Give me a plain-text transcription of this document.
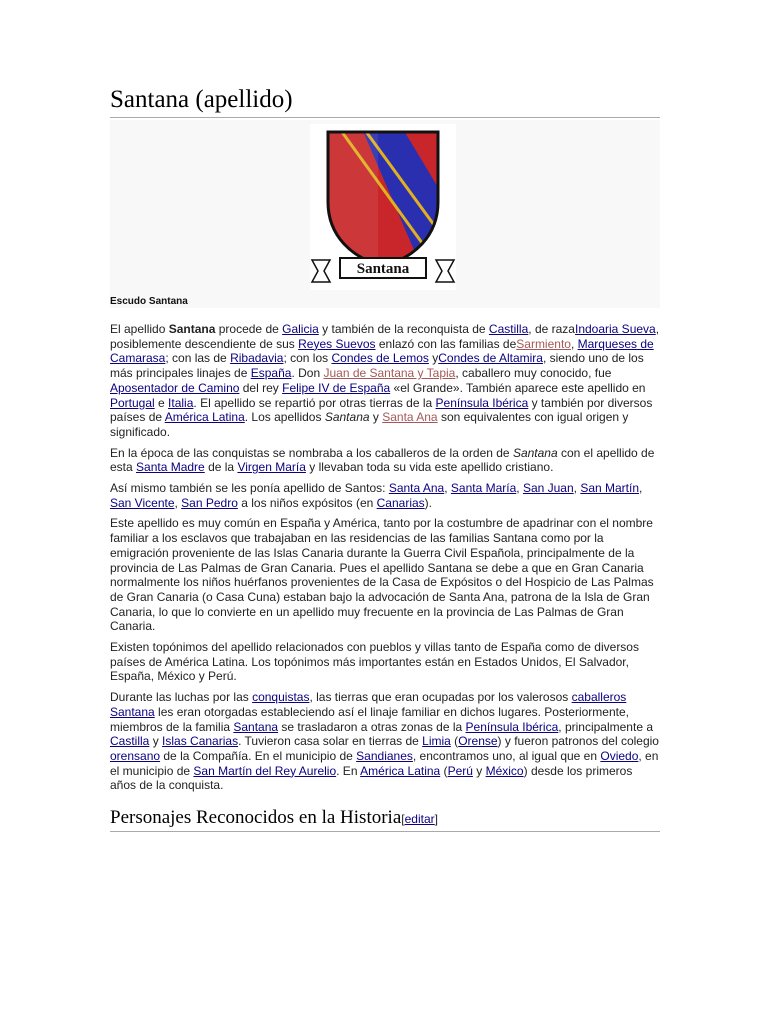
Santana (apellido)
Santana
Escudo Santana

El apellido Santana procede de Galicia y también de la reconquista de Castilla, de razaIndoaria Sueva, posiblemente descendiente de sus Reyes Suevos enlazó con las familias deSarmiento, Marqueses de Camarasa; con las de Ribadavia; con los Condes de Lemos yCondes de Altamira, siendo uno de los más principales linajes de España. Don Juan de Santana y Tapia, caballero muy conocido, fue Aposentador de Camino del rey Felipe IV de España «el Grande». También aparece este apellido en Portugal e Italia. El apellido se repartió por otras tierras de la Península Ibérica y también por diversos países de América Latina. Los apellidos Santana y Santa Ana son equivalentes con igual origen y significado.

En la época de las conquistas se nombraba a los caballeros de la orden de Santana con el apellido de esta Santa Madre de la Virgen María y llevaban toda su vida este apellido cristiano.

Así mismo también se les ponía apellido de Santos: Santa Ana, Santa María, San Juan, San Martín, San Vicente, San Pedro a los niños expósitos (en Canarias).

Este apellido es muy común en España y América, tanto por la costumbre de apadrinar con el nombre familiar a los esclavos que trabajaban en las residencias de las familias Santana como por la emigración proveniente de las Islas Canaria durante la Guerra Civil Española, principalmente de la provincia de Las Palmas de Gran Canaria. Pues el apellido Santana se debe a que en Gran Canaria normalmente los niños huérfanos provenientes de la Casa de Expósitos o del Hospicio de Las Palmas de Gran Canaria (o Casa Cuna) estaban bajo la advocación de Santa Ana, patrona de la Isla de Gran Canaria, lo que lo convierte en un apellido muy frecuente en la provincia de Las Palmas de Gran Canaria.

Existen topónimos del apellido relacionados con pueblos y villas tanto de España como de diversos países de América Latina. Los topónimos más importantes están en Estados Unidos, El Salvador, España, México y Perú.

Durante las luchas por las conquistas, las tierras que eran ocupadas por los valerosos caballeros Santana les eran otorgadas estableciendo así el linaje familiar en dichos lugares. Posteriormente, miembros de la familia Santana se trasladaron a otras zonas de la Península Ibérica, principalmente a Castilla y Islas Canarias. Tuvieron casa solar en tierras de Limia (Orense) y fueron patronos del colegio orensano de la Compañía. En el municipio de Sandianes, encontramos uno, al igual que en Oviedo, en el municipio de San Martín del Rey Aurelio. En América Latina (Perú y México) desde los primeros años de la conquista.

Personajes Reconocidos en la Historia[editar]
